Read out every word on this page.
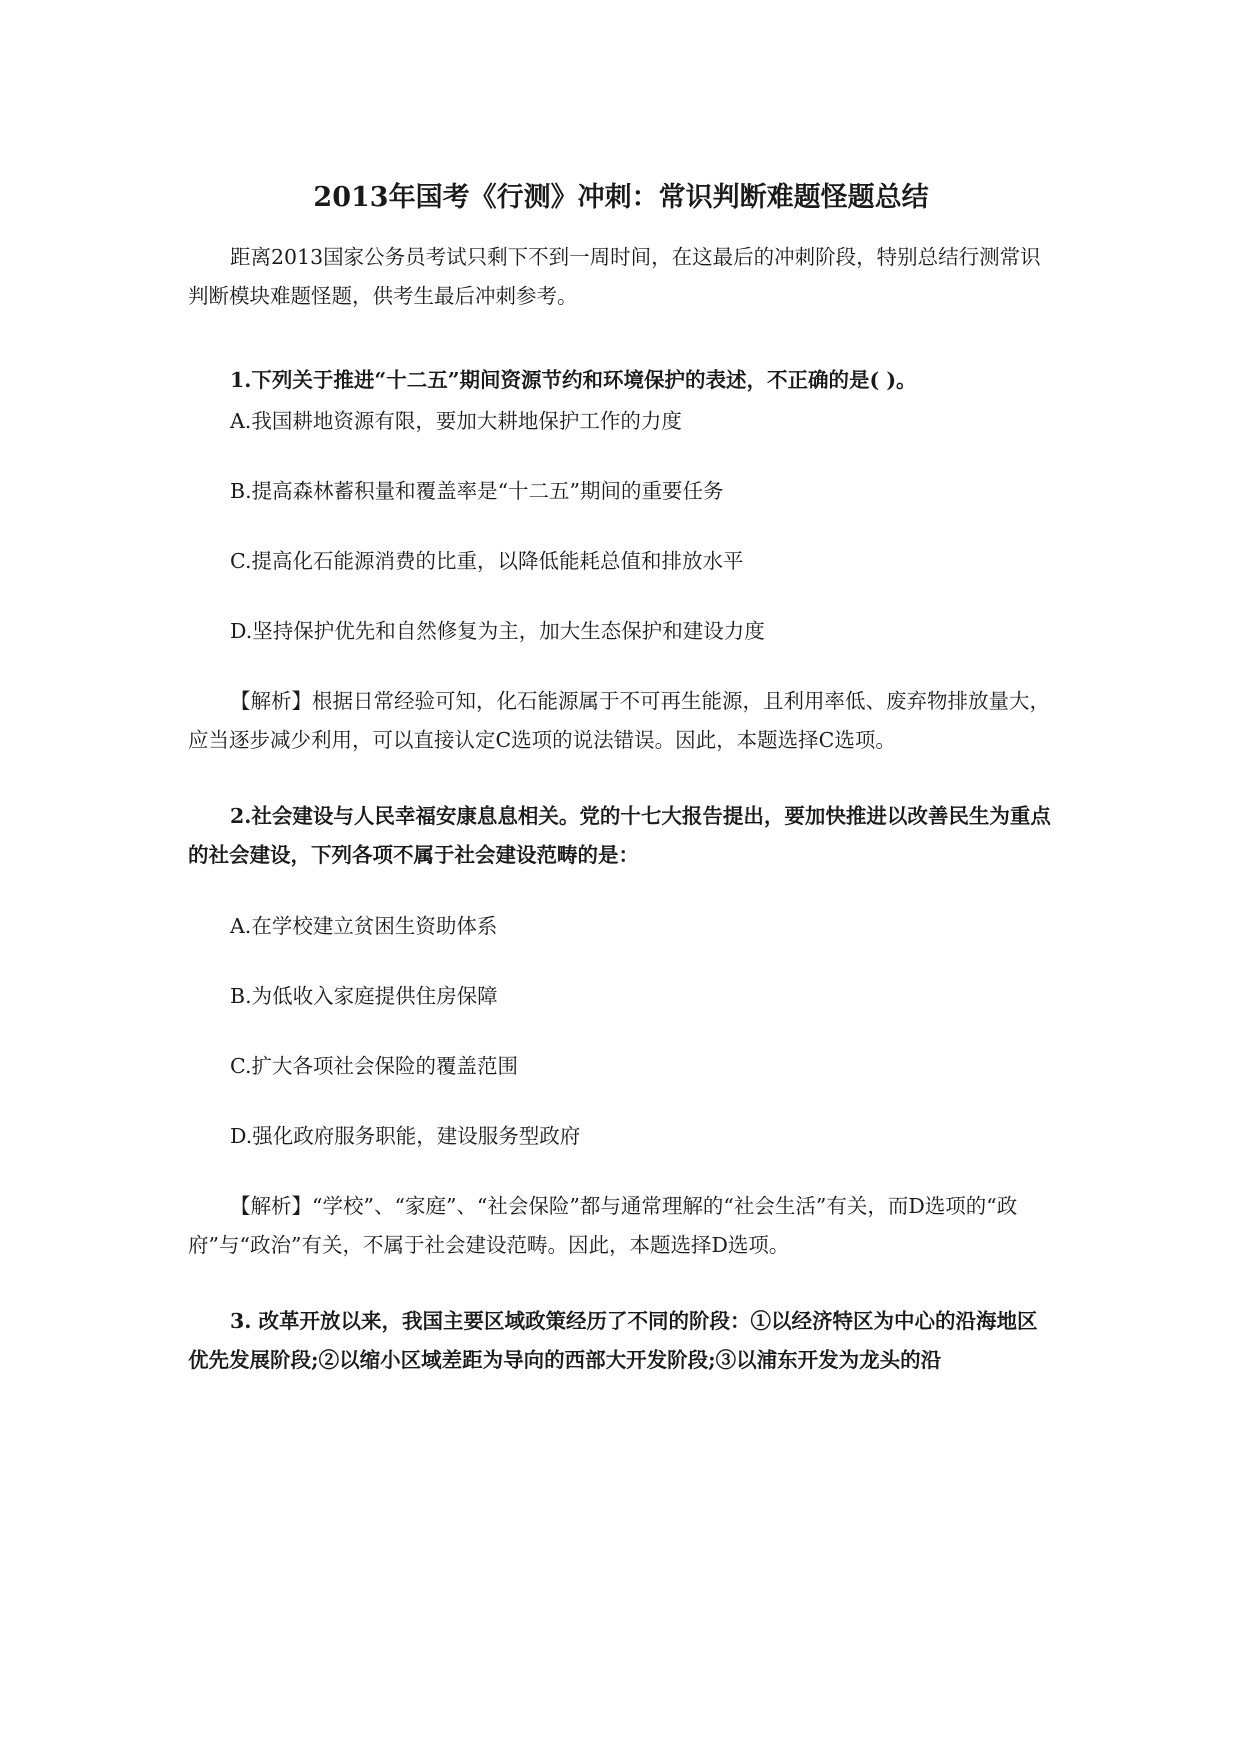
2013年国考《行测》冲刺：常识判断难题怪题总结

距离2013国家公务员考试只剩下不到一周时间，在这最后的冲刺阶段，特别总结行测常识判断模块难题怪题，供考生最后冲刺参考。

1.下列关于推进“十二五”期间资源节约和环境保护的表述，不正确的是( )。

A.我国耕地资源有限，要加大耕地保护工作的力度

B.提高森林蓄积量和覆盖率是“十二五”期间的重要任务

C.提高化石能源消费的比重，以降低能耗总值和排放水平

D.坚持保护优先和自然修复为主，加大生态保护和建设力度

【解析】根据日常经验可知，化石能源属于不可再生能源，且利用率低、废弃物排放量大，应当逐步减少利用，可以直接认定C选项的说法错误。因此，本题选择C选项。

2.社会建设与人民幸福安康息息相关。党的十七大报告提出，要加快推进以改善民生为重点的社会建设，下列各项不属于社会建设范畴的是：

A.在学校建立贫困生资助体系

B.为低收入家庭提供住房保障

C.扩大各项社会保险的覆盖范围

D.强化政府服务职能，建设服务型政府

【解析】“学校”、“家庭”、“社会保险”都与通常理解的“社会生活”有关，而D选项的“政府”与“政治”有关，不属于社会建设范畴。因此，本题选择D选项。

3. 改革开放以来，我国主要区域政策经历了不同的阶段：①以经济特区为中心的沿海地区优先发展阶段;②以缩小区域差距为导向的西部大开发阶段;③以浦东开发为龙头的沿
